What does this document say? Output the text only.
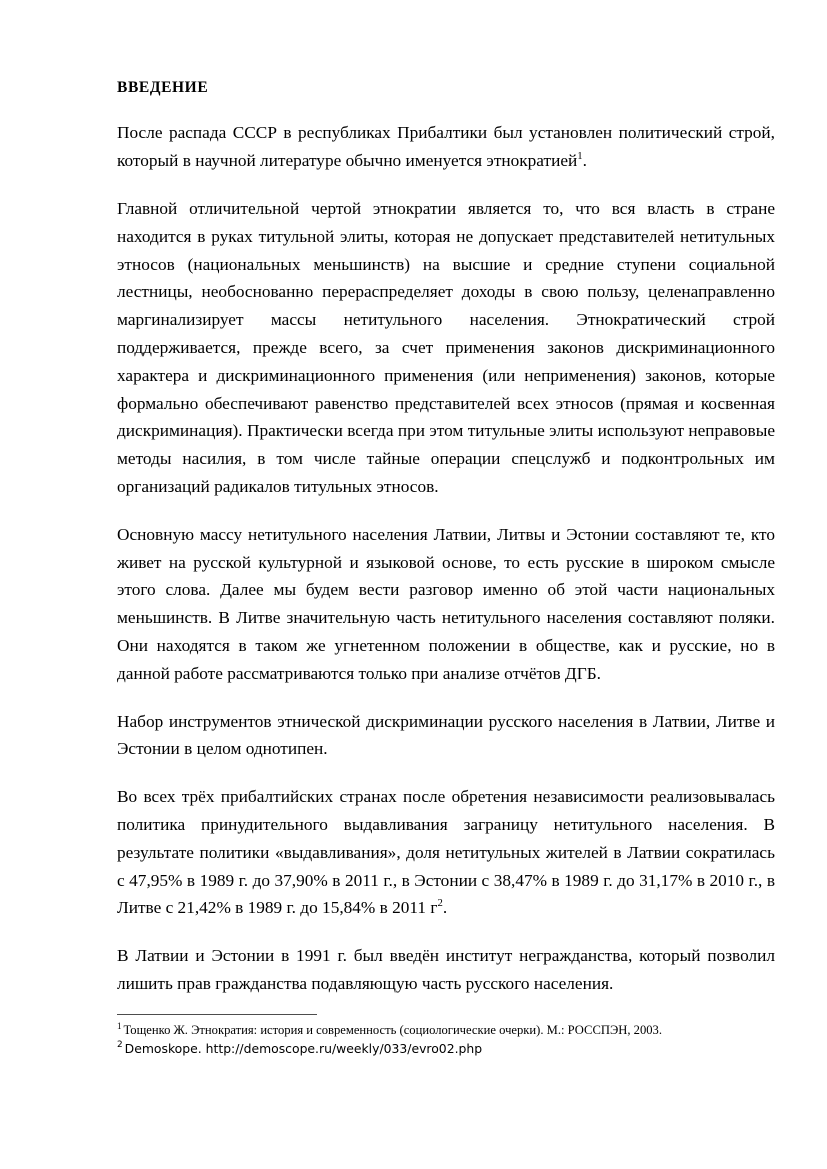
ВВЕДЕНИЕ

После распада СССР в республиках Прибалтики был установлен политический строй, который в научной литературе обычно именуется этнократией$^1$.

Главной отличительной чертой этнократии является то, что вся власть в стране находится в руках титульной элиты, которая не допускает представителей нетитульных этносов (национальных меньшинств) на высшие и средние ступени социальной лестницы, необоснованно перераспределяет доходы в свою пользу, целенаправленно маргинализирует массы нетитульного населения. Этнократический строй поддерживается, прежде всего, за счет применения законов дискриминационного характера и дискриминационного применения (или неприменения) законов, которые формально обеспечивают равенство представителей всех этносов (прямая и косвенная дискриминация). Практически всегда при этом титульные элиты используют неправовые методы насилия, в том числе тайные операции спецслужб и подконтрольных им организаций радикалов титульных этносов.

Основную массу нетитульного населения Латвии, Литвы и Эстонии составляют те, кто живет на русской культурной и языковой основе, то есть русские в широком смысле этого слова. Далее мы будем вести разговор именно об этой части национальных меньшинств. В Литве значительную часть нетитульного населения составляют поляки. Они находятся в таком же угнетенном положении в обществе, как и русские, но в данной работе рассматриваются только при анализе отчётов ДГБ.

Набор инструментов этнической дискриминации русского населения в Латвии, Литве и Эстонии в целом однотипен.

Во всех трёх прибалтийских странах после обретения независимости реализовывалась политика принудительного выдавливания заграницу нетитульного населения. В результате политики «выдавливания», доля нетитульных жителей в Латвии сократилась с 47,95% в 1989 г. до 37,90% в 2011 г., в Эстонии с 38,47% в 1989 г. до 31,17% в 2010 г., в Литве с 21,42% в 1989 г. до 15,84% в 2011 г$^2$.

В Латвии и Эстонии в 1991 г. был введён институт негражданства, который позволил лишить прав гражданства подавляющую часть русского населения.

$^1$ Тощенко Ж. Этнократия: история и современность (социологические очерки). М.: РОССПЭН, 2003.
$^2$ Demoskope. http://demoscope.ru/weekly/033/evro02.php
